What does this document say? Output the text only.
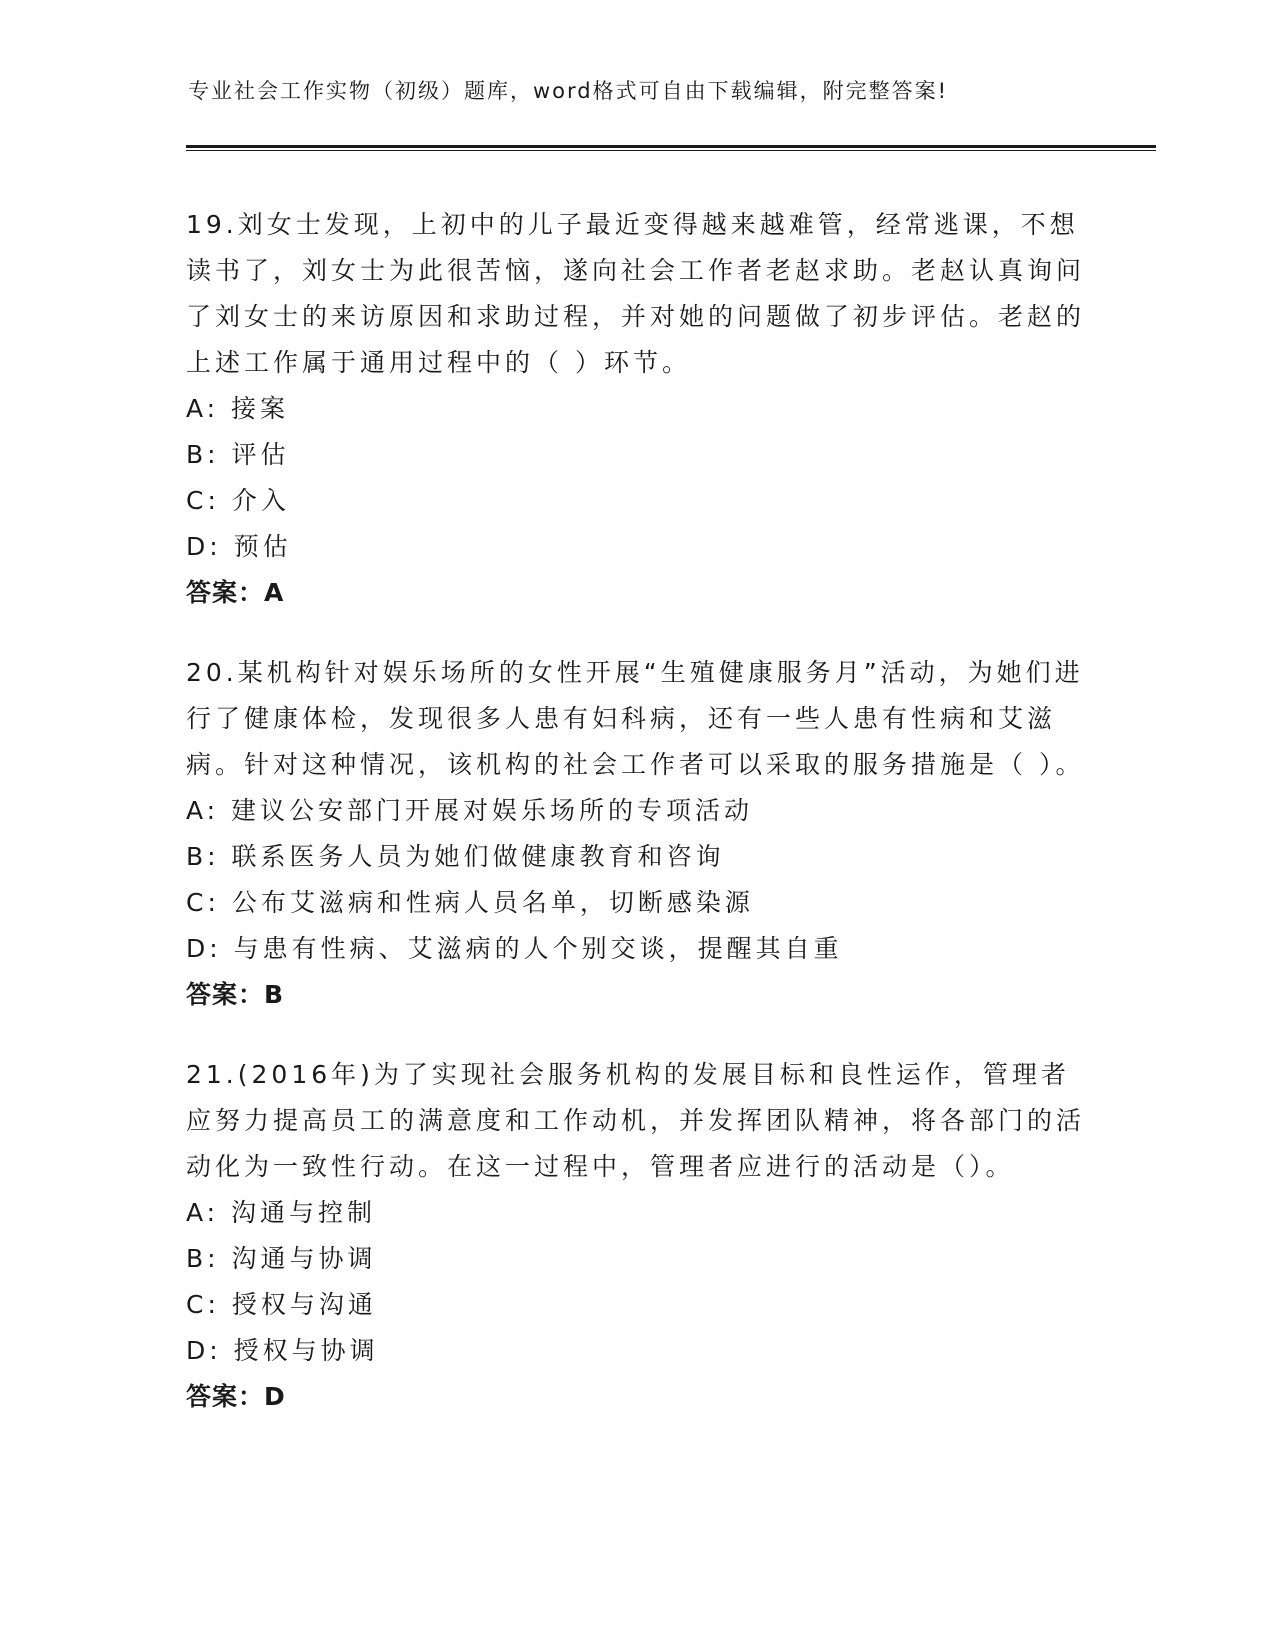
专业社会工作实物（初级）题库，word格式可自由下载编辑，附完整答案!

19.刘女士发现，上初中的儿子最近变得越来越难管，经常逃课，不想读书了，刘女士为此很苦恼，遂向社会工作者老赵求助。老赵认真询问了刘女士的来访原因和求助过程，并对她的问题做了初步评估。老赵的上述工作属于通用过程中的（ ）环节。

A: 接案

B: 评估

C: 介入

D: 预估

答案：A

20.某机构针对娱乐场所的女性开展“生殖健康服务月”活动，为她们进行了健康体检，发现很多人患有妇科病，还有一些人患有性病和艾滋病。针对这种情况，该机构的社会工作者可以采取的服务措施是（ ）。

A: 建议公安部门开展对娱乐场所的专项活动

B: 联系医务人员为她们做健康教育和咨询

C: 公布艾滋病和性病人员名单，切断感染源

D: 与患有性病、艾滋病的人个别交谈，提醒其自重

答案：B

21.(2016年)为了实现社会服务机构的发展目标和良性运作，管理者应努力提高员工的满意度和工作动机，并发挥团队精神，将各部门的活动化为一致性行动。在这一过程中，管理者应进行的活动是（）。

A: 沟通与控制

B: 沟通与协调

C: 授权与沟通

D: 授权与协调

答案：D
